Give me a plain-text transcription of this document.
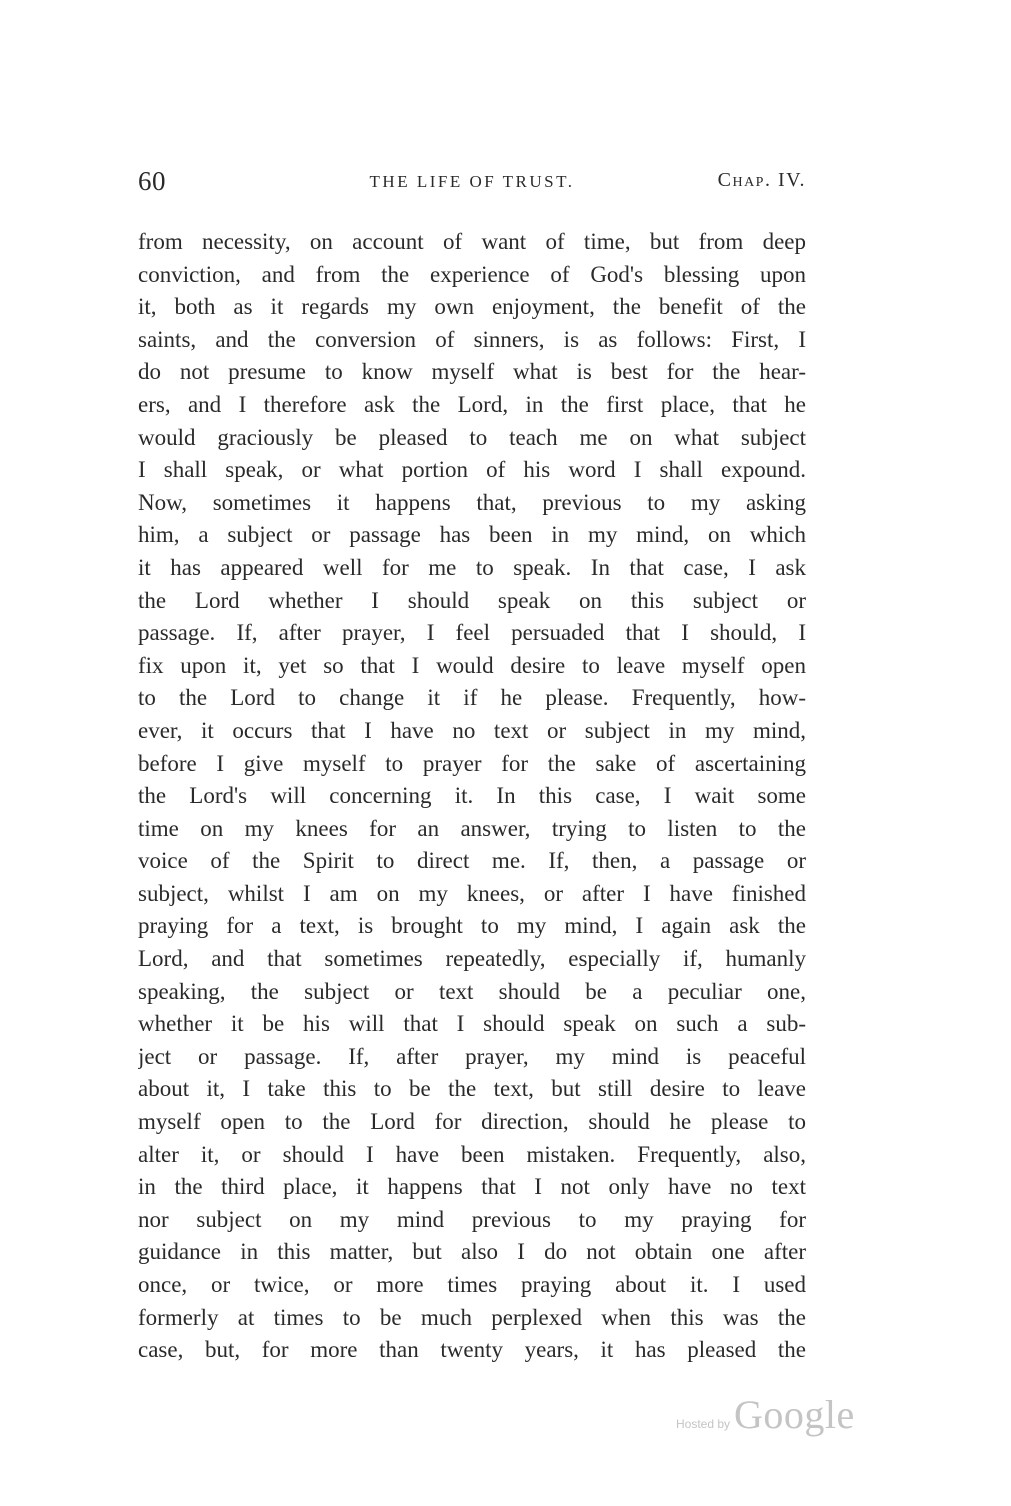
60	THE LIFE OF TRUST.	Chap. IV.
from necessity, on account of want of time, but from deep
conviction, and from the experience of God's blessing upon
it, both as it regards my own enjoyment, the benefit of the
saints, and the conversion of sinners, is as follows: First, I
do not presume to know myself what is best for the hear-
ers, and I therefore ask the Lord, in the first place, that he
would graciously be pleased to teach me on what subject
I shall speak, or what portion of his word I shall expound.
Now, sometimes it happens that, previous to my asking
him, a subject or passage has been in my mind, on which
it has appeared well for me to speak. In that case, I ask
the Lord whether I should speak on this subject or
passage. If, after prayer, I feel persuaded that I should, I
fix upon it, yet so that I would desire to leave myself open
to the Lord to change it if he please. Frequently, how-
ever, it occurs that I have no text or subject in my mind,
before I give myself to prayer for the sake of ascertaining
the Lord's will concerning it. In this case, I wait some
time on my knees for an answer, trying to listen to the
voice of the Spirit to direct me. If, then, a passage or
subject, whilst I am on my knees, or after I have finished
praying for a text, is brought to my mind, I again ask the
Lord, and that sometimes repeatedly, especially if, humanly
speaking, the subject or text should be a peculiar one,
whether it be his will that I should speak on such a sub-
ject or passage. If, after prayer, my mind is peaceful
about it, I take this to be the text, but still desire to leave
myself open to the Lord for direction, should he please to
alter it, or should I have been mistaken. Frequently, also,
in the third place, it happens that I not only have no text
nor subject on my mind previous to my praying for
guidance in this matter, but also I do not obtain one after
once, or twice, or more times praying about it. I used
formerly at times to be much perplexed when this was the
case, but, for more than twenty years, it has pleased the
Hosted by Google
